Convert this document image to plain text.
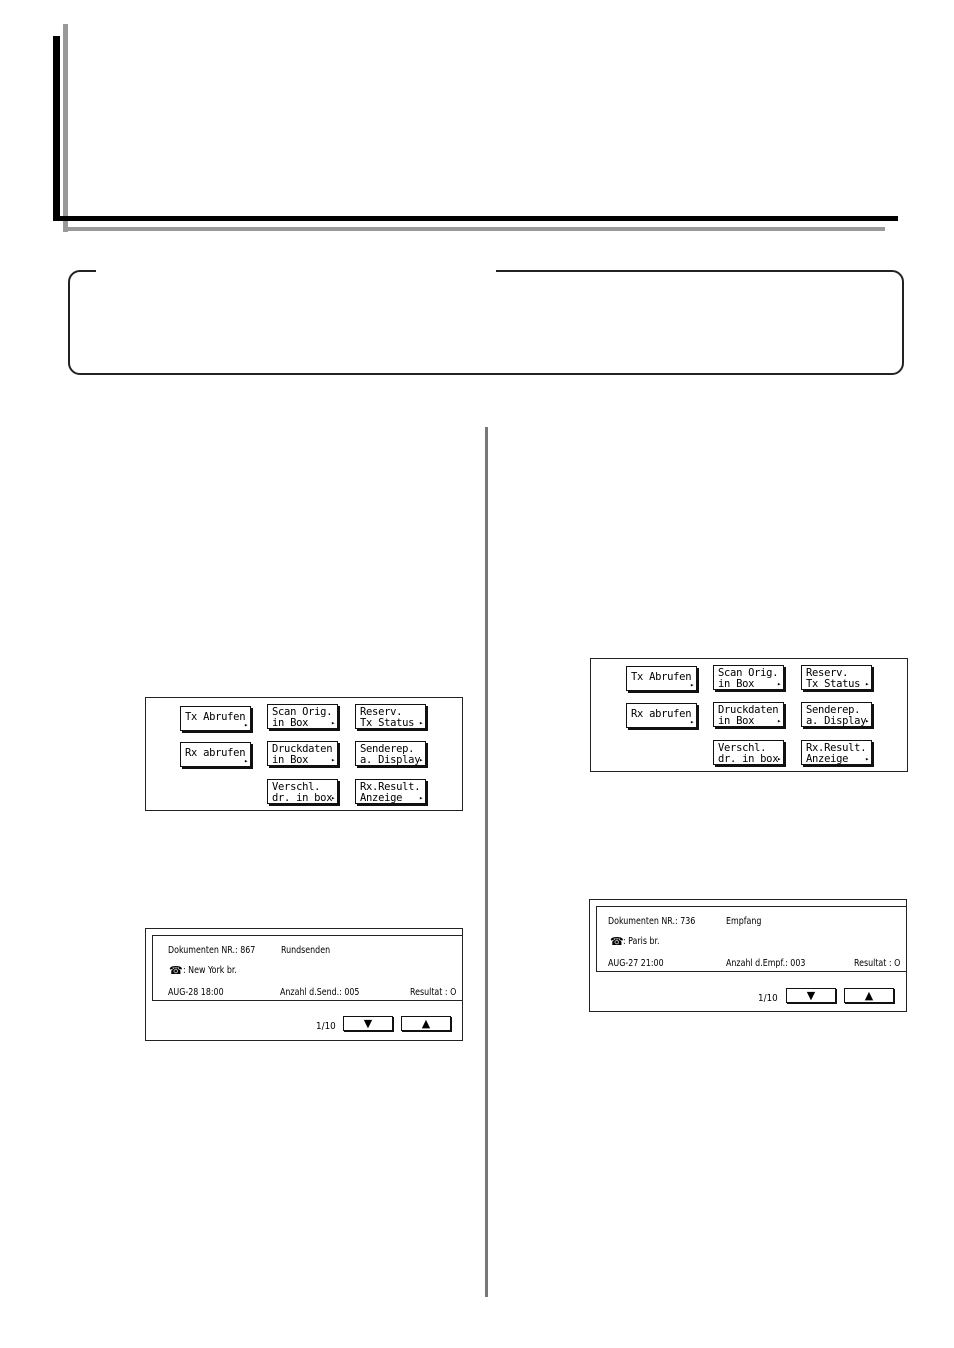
Tx Abrufen
▸
Scan Orig.
in Box	▸
Reserv.
Tx Status ▸
Rx abrufen
▸
Druckdaten
in Box	▸
Senderep.
a. Display
▸
Verschl.
dr. in box
▸
Rx.Result.
Anzeige ▸
Tx Abrufen
▸
Scan Orig.
in Box	▸
Reserv.
Tx Status ▸
Rx abrufen
▸
Druckdaten
in Box	▸
Senderep.
a. Display
▸
Verschl.
dr. in box
▸
Rx.Result.
Anzeige ▸
Dokumenten NR.: 867	Rundsenden
☎ : New York br.
AUG-28 18:00	Anzahl d.Send.: 005	Resultat : O
1/10	▼	▲
Dokumenten NR.: 736	Empfang
☎ : Paris br.
AUG-27 21:00	Anzahl d.Empf.: 003	Resultat : O
1/10	▼	▲
